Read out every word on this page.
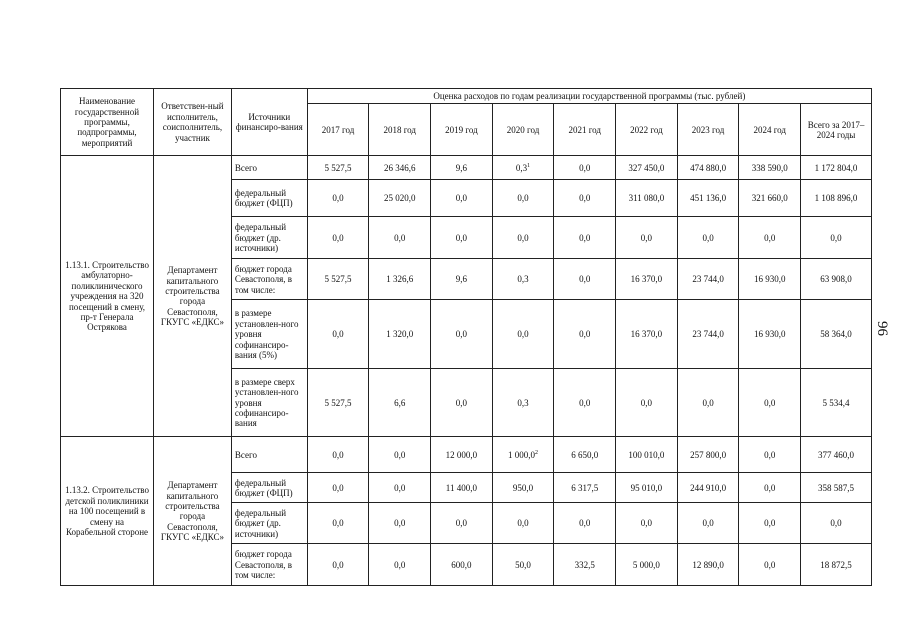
Наименование государственной программы, подпрограммы, мероприятий	Ответствен-ный исполнитель, соисполнитель, участник	Источники финансиро-вания	Оценка расходов по годам реализации государственной программы (тыс. рублей)								
			2017 год	2018 год	2019 год	2020 год	2021 год	2022 год	2023 год	2024 год	Всего за 2017–2024 годы
1.13.1. Строительство амбулаторно-поликлинического учреждения на 320 посещений в смену, пр-т Генерала Острякова	Департамент капитального строительства города Севастополя, ГКУГС «ЕДКС»	Всего	5 527,5	26 346,6	9,6	$0,3^1$	0,0	327 450,0	474 880,0	338 590,0	1 172 804,0
		федеральный бюджет (ФЦП)	0,0	25 020,0	0,0	0,0	0,0	311 080,0	451 136,0	321 660,0	1 108 896,0
		федеральный бюджет (др. источники)	0,0	0,0	0,0	0,0	0,0	0,0	0,0	0,0	0,0
		бюджет города Севастополя, в том числе:	5 527,5	1 326,6	9,6	0,3	0,0	16 370,0	23 744,0	16 930,0	63 908,0
		в размере установлен-ного уровня софинансиро-вания (5%)	0,0	1 320,0	0,0	0,0	0,0	16 370,0	23 744,0	16 930,0	58 364,0
		в размере сверх установлен-ного уровня софинансиро-вания	5 527,5	6,6	0,0	0,3	0,0	0,0	0,0	0,0	5 534,4
1.13.2. Строительство детской поликлиники на 100 посещений в смену на Корабельной стороне	Департамент капитального строительства города Севастополя, ГКУГС «ЕДКС»	Всего	0,0	0,0	12 000,0	1 000,0$^2$	6 650,0	100 010,0	257 800,0	0,0	377 460,0
		федеральный бюджет (ФЦП)	0,0	0,0	11 400,0	950,0	6 317,5	95 010,0	244 910,0	0,0	358 587,5
		федеральный бюджет (др. источники)	0,0	0,0	0,0	0,0	0,0	0,0	0,0	0,0	0,0
		бюджет города Севастополя, в том числе:	0,0	0,0	600,0	50,0	332,5	5 000,0	12 890,0	0,0	18 872,5
96
